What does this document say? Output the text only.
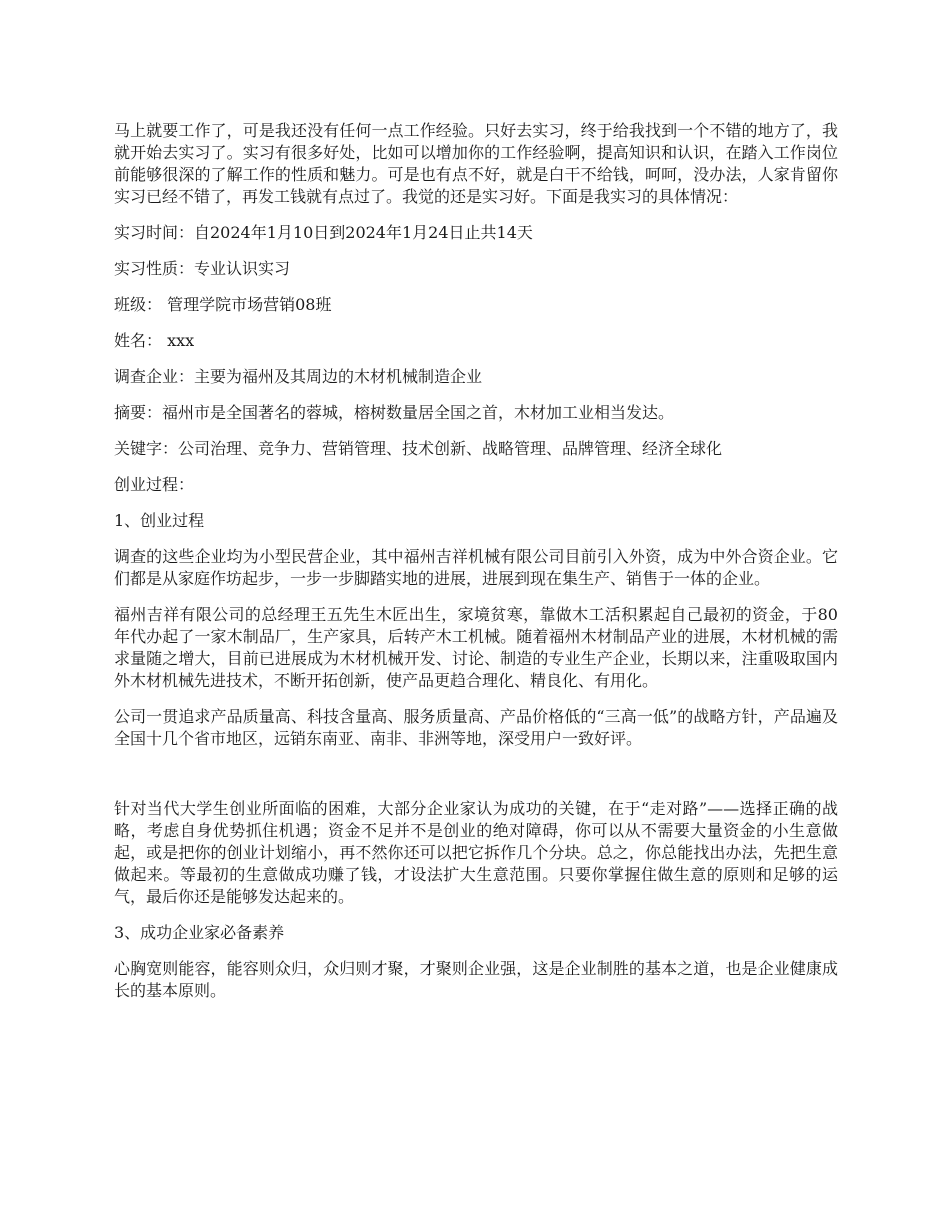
马上就要工作了，可是我还没有任何一点工作经验。只好去实习，终于给我找到一个不错的地方了，我就开始去实习了。实习有很多好处，比如可以增加你的工作经验啊，提高知识和认识，在踏入工作岗位前能够很深的了解工作的性质和魅力。可是也有点不好，就是白干不给钱，呵呵，没办法，人家肯留你实习已经不错了，再发工钱就有点过了。我觉的还是实习好。下面是我实习的具体情况：

实习时间：自2024年1月10日到2024年1月24日止共14天

实习性质：专业认识实习

班级： 管理学院市场营销08班

姓名： xxx

调查企业：主要为福州及其周边的木材机械制造企业

摘要：福州市是全国著名的蓉城，榕树数量居全国之首，木材加工业相当发达。

关键字：公司治理、竞争力、营销管理、技术创新、战略管理、品牌管理、经济全球化

创业过程：

1、创业过程

调查的这些企业均为小型民营企业，其中福州吉祥机械有限公司目前引入外资，成为中外合资企业。它们都是从家庭作坊起步，一步一步脚踏实地的进展，进展到现在集生产、销售于一体的企业。

福州吉祥有限公司的总经理王五先生木匠出生，家境贫寒，靠做木工活积累起自己最初的资金，于80年代办起了一家木制品厂，生产家具，后转产木工机械。随着福州木材制品产业的进展，木材机械的需求量随之增大，目前已进展成为木材机械开发、讨论、制造的专业生产企业，长期以来，注重吸取国内外木材机械先进技术，不断开拓创新，使产品更趋合理化、精良化、有用化。

公司一贯追求产品质量高、科技含量高、服务质量高、产品价格低的“三高一低”的战略方针，产品遍及全国十几个省市地区，远销东南亚、南非、非洲等地，深受用户一致好评。

针对当代大学生创业所面临的困难，大部分企业家认为成功的关键，在于“走对路”——选择正确的战略，考虑自身优势抓住机遇；资金不足并不是创业的绝对障碍，你可以从不需要大量资金的小生意做起，或是把你的创业计划缩小，再不然你还可以把它拆作几个分块。总之，你总能找出办法，先把生意做起来。等最初的生意做成功赚了钱，才设法扩大生意范围。只要你掌握住做生意的原则和足够的运气，最后你还是能够发达起来的。

3、成功企业家必备素养

心胸宽则能容，能容则众归，众归则才聚，才聚则企业强，这是企业制胜的基本之道，也是企业健康成长的基本原则。
